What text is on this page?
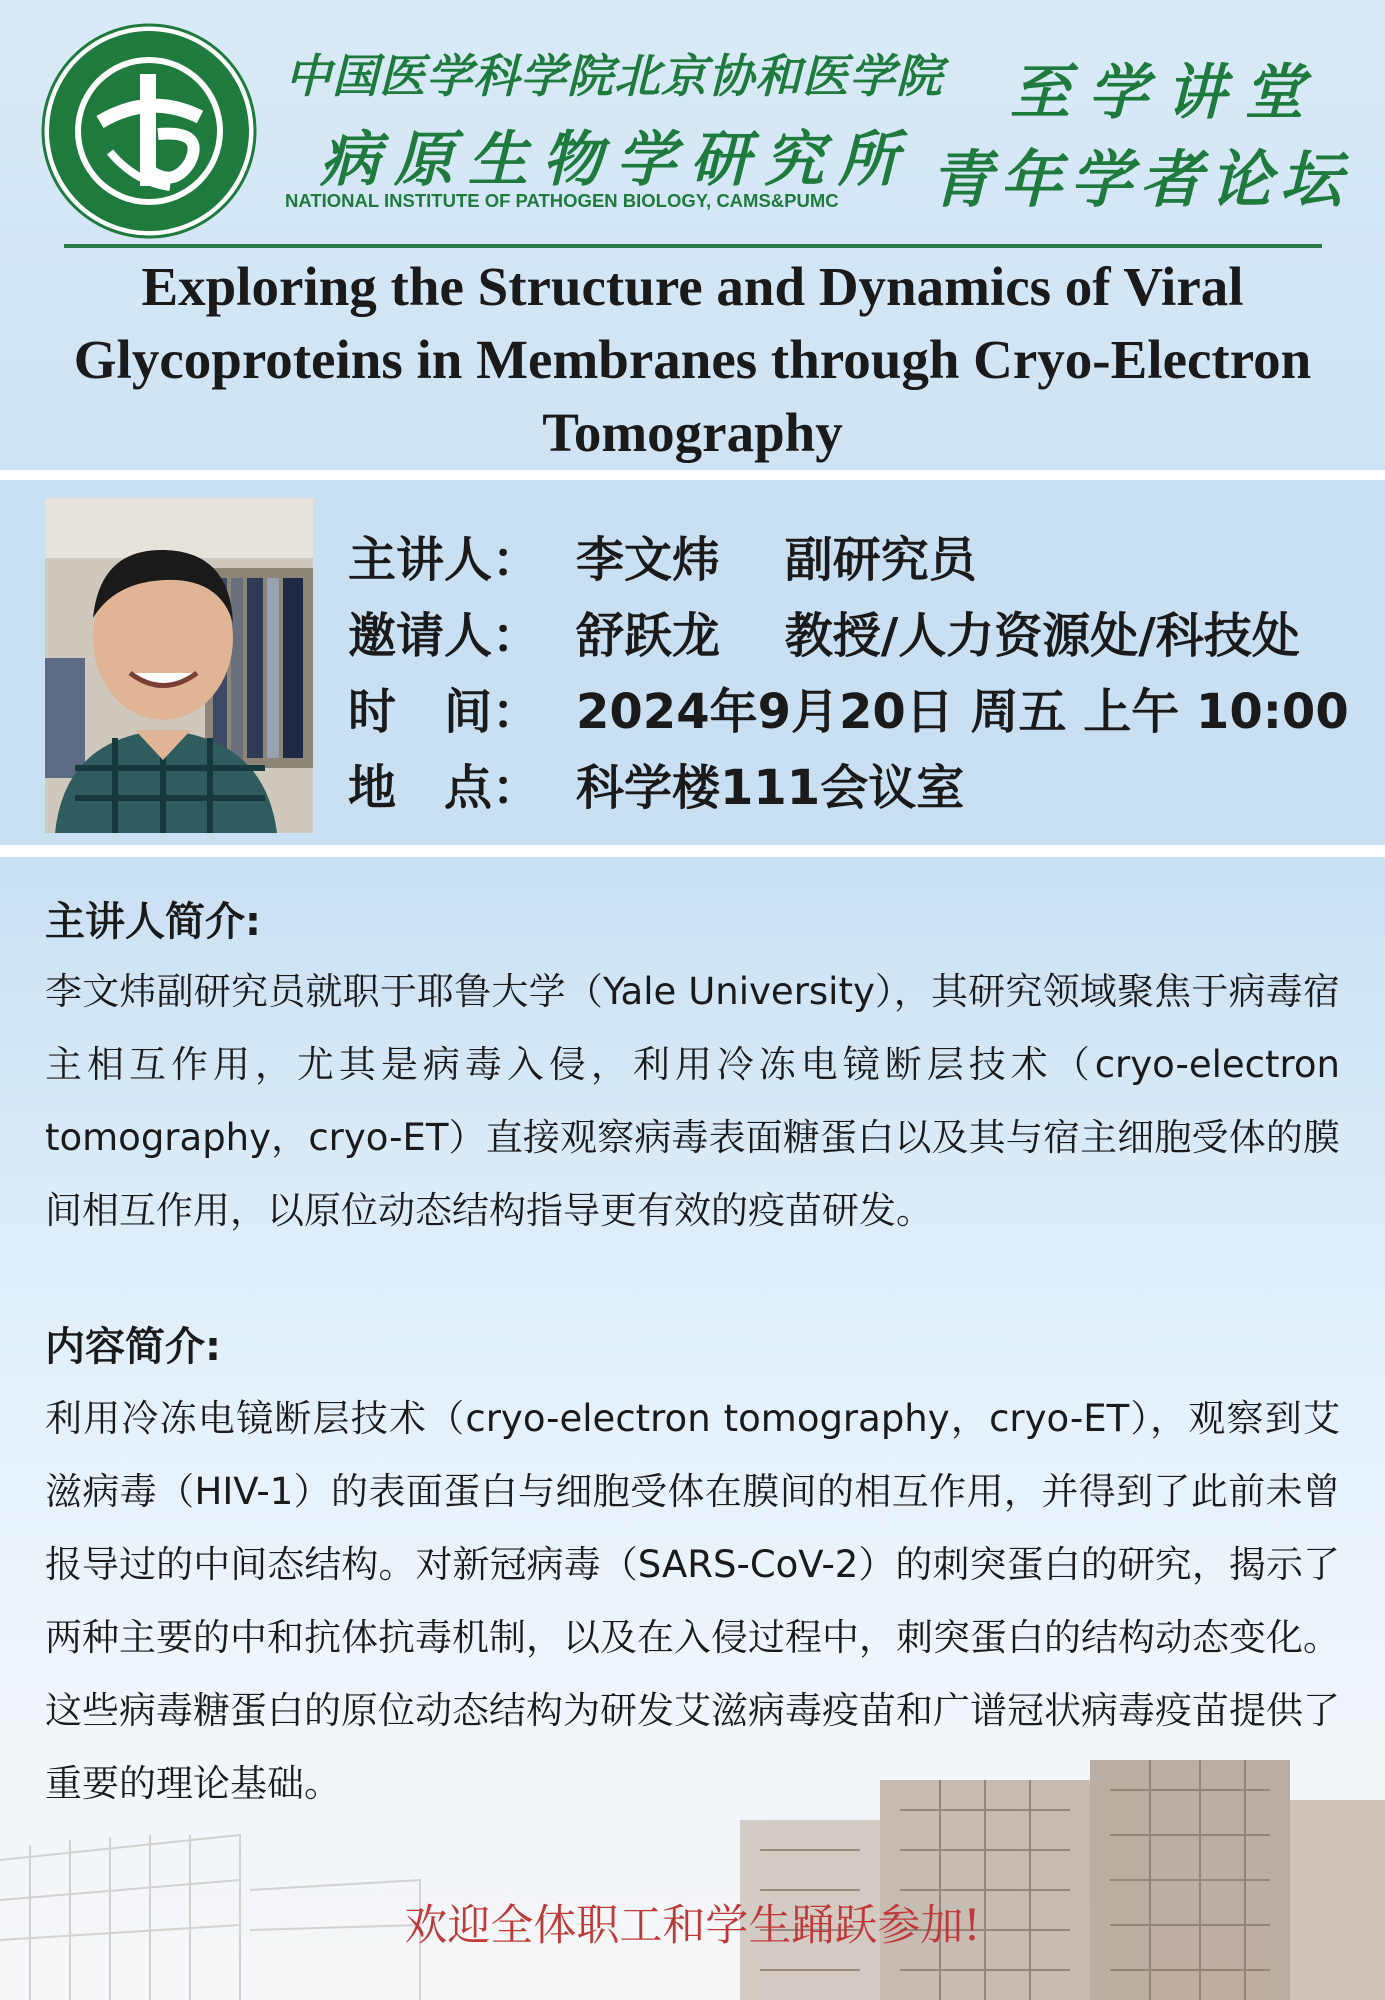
中国医学科学院北京协和医学院
病原生物学研究所
NATIONAL INSTITUTE OF PATHOGEN BIOLOGY, CAMS&PUMC
至学讲堂
青年学者论坛
Exploring the Structure and Dynamics of Viral Glycoproteins in Membranes through Cryo-Electron Tomography
主讲人： 李文炜　 副研究员
邀请人： 舒跃龙　 教授/人力资源处/科技处
时　间： 2024年9月20日 周五 上午 10:00
地　点： 科学楼111会议室
主讲人简介:
李文炜副研究员就职于耶鲁大学（Yale University），其研究领域聚焦于病毒宿主相互作用，尤其是病毒入侵，利用冷冻电镜断层技术（cryo-electron tomography，cryo-ET）直接观察病毒表面糖蛋白以及其与宿主细胞受体的膜间相互作用，以原位动态结构指导更有效的疫苗研发。
内容简介:
利用冷冻电镜断层技术（cryo-electron tomography，cryo-ET），观察到艾滋病毒（HIV-1）的表面蛋白与细胞受体在膜间的相互作用，并得到了此前未曾报导过的中间态结构。对新冠病毒（SARS-CoV-2）的刺突蛋白的研究，揭示了两种主要的中和抗体抗毒机制，以及在入侵过程中，刺突蛋白的结构动态变化。这些病毒糖蛋白的原位动态结构为研发艾滋病毒疫苗和广谱冠状病毒疫苗提供了重要的理论基础。
欢迎全体职工和学生踊跃参加!
